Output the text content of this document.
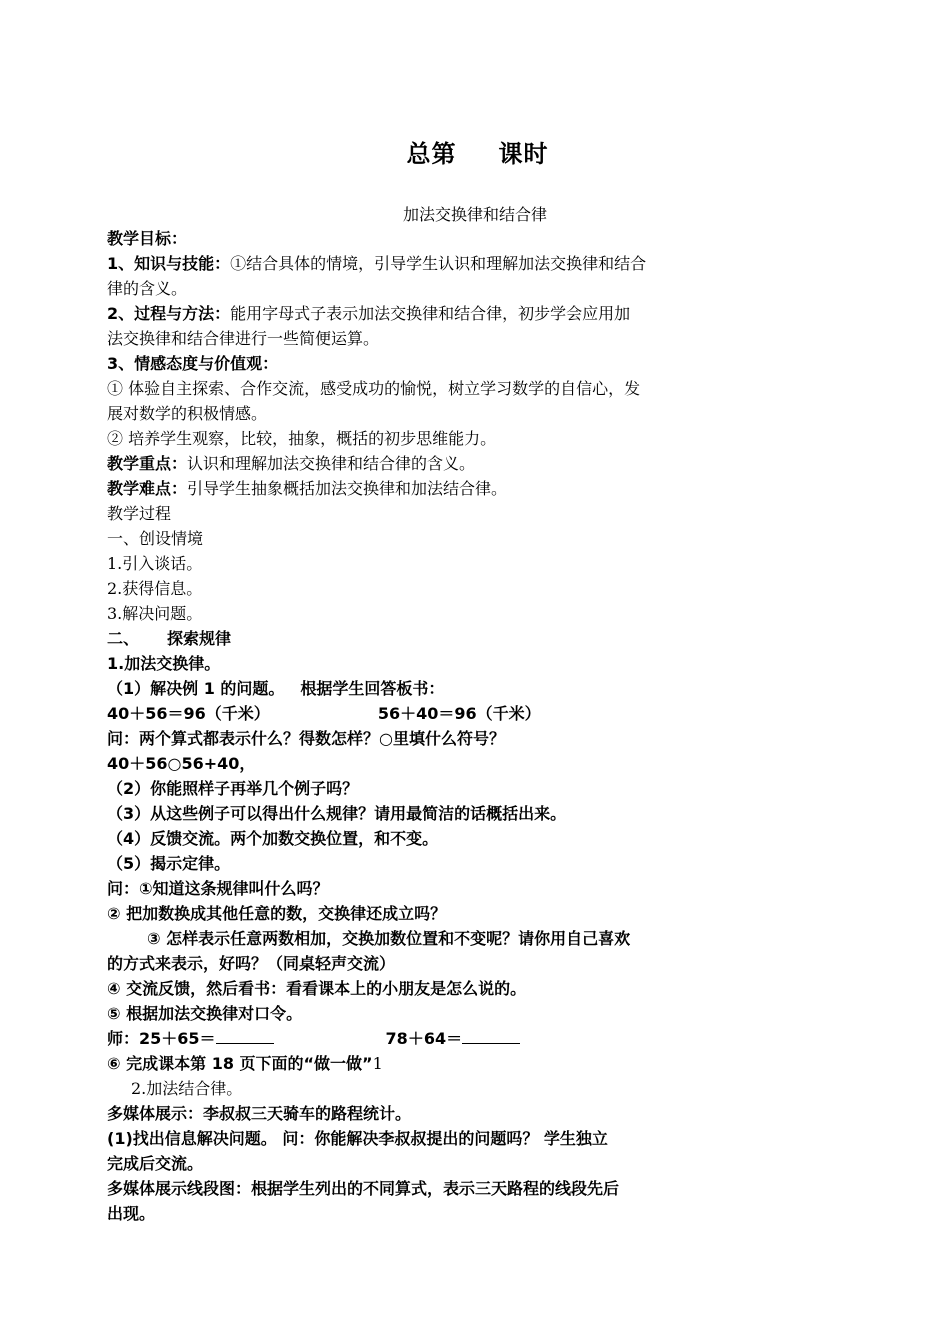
总第 课时
加法交换律和结合律
教学目标：
1、知识与技能：①结合具体的情境，引导学生认识和理解加法交换律和结合
律的含义。
2、过程与方法：能用字母式子表示加法交换律和结合律，初步学会应用加
法交换律和结合律进行一些简便运算。
3、情感态度与价值观：
① 体验自主探索、合作交流，感受成功的愉悦，树立学习数学的自信心，发
展对数学的积极情感。
② 培养学生观察，比较，抽象，概括的初步思维能力。
教学重点：认识和理解加法交换律和结合律的含义。
教学难点：引导学生抽象概括加法交换律和加法结合律。
教学过程
一、创设情境
1.引入谈话。
2.获得信息。
3.解决问题。
二、 探索规律
1.加法交换律。
（1）解决例 1 的问题。 根据学生回答板书：
40＋56＝96（千米）	56＋40＝96（千米）
问：两个算式都表示什么？得数怎样？○里填什么符号？
40＋56○56+40，
（2）你能照样子再举几个例子吗？
（3）从这些例子可以得出什么规律？请用最简洁的话概括出来。
（4）反馈交流。两个加数交换位置，和不变。
（5）揭示定律。
问：①知道这条规律叫什么吗？
② 把加数换成其他任意的数，交换律还成立吗？
③ 怎样表示任意两数相加，交换加数位置和不变呢？请你用自己喜欢
的方式来表示，好吗？（同桌轻声交流）
④ 交流反馈，然后看书：看看课本上的小朋友是怎么说的。
⑤ 根据加法交换律对口令。
师：25＋65＝	78＋64＝
⑥ 完成课本第 18 页下面的“做一做”1
2.加法结合律。
多媒体展示：李叔叔三天骑车的路程统计。
(1)找出信息解决问题。 问：你能解决李叔叔提出的问题吗？ 学生独立
完成后交流。
多媒体展示线段图：根据学生列出的不同算式，表示三天路程的线段先后
出现。
